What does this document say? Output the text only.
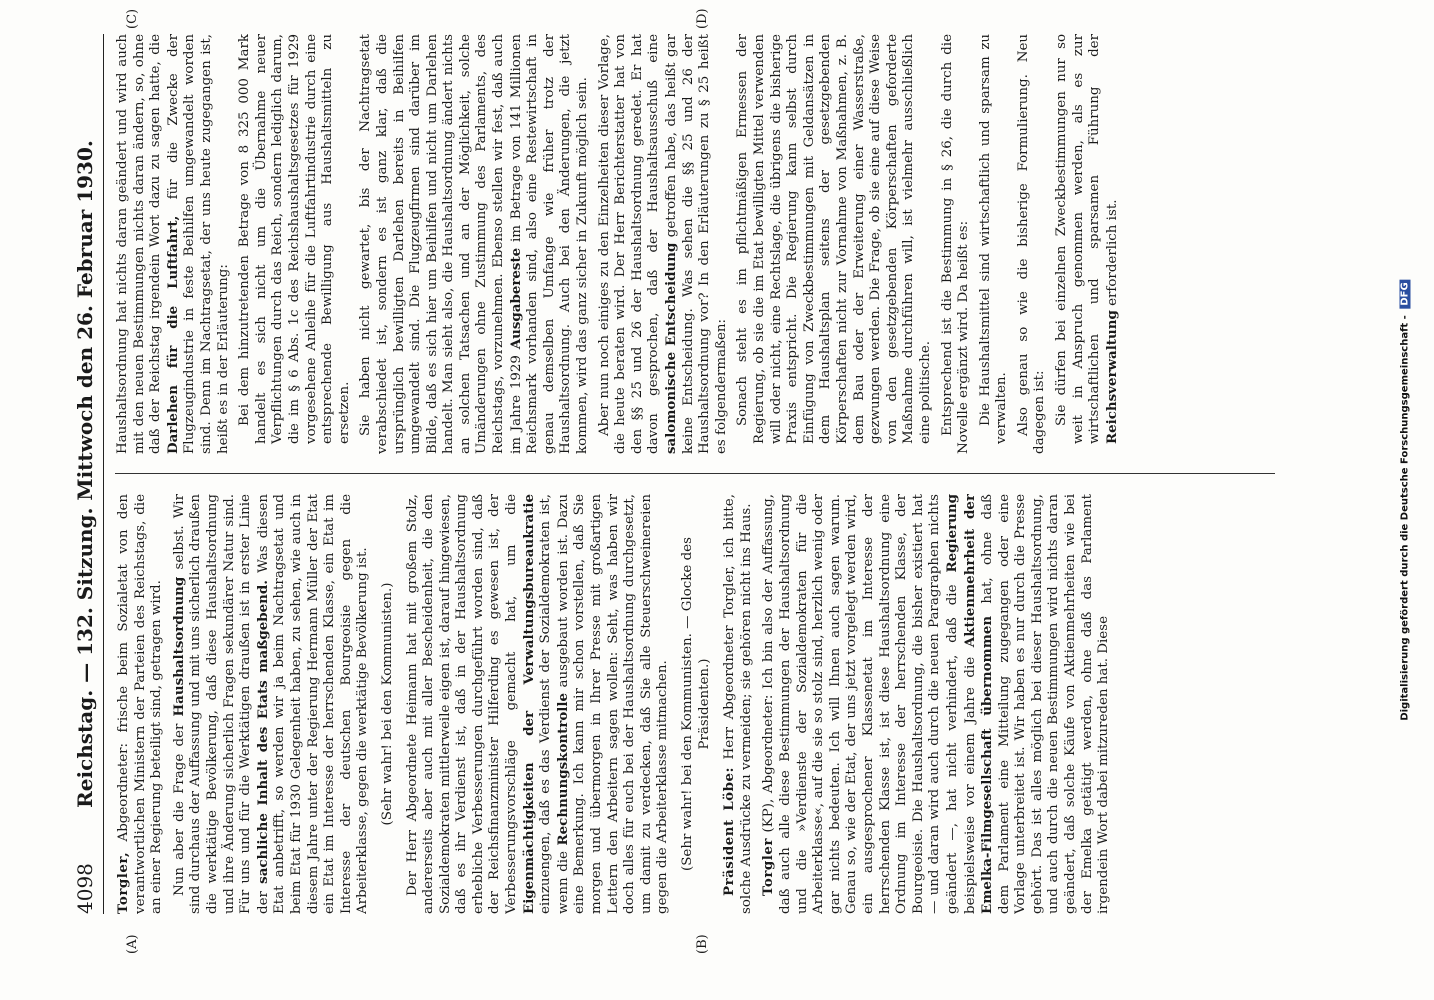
4098
Reichstag. — 132. Sitzung. Mittwoch den 26. Februar 1930.
(A)	(B)
(C)	(D)

Torgler, Abgeordneter: frische beim Sozialetat von den verantwortlichen Ministern der Parteien des Reichstags, die an einer Regierung beteiligt sind, getragen wird. Nun aber die Frage der Haushaltsordnung selbst. Wir sind durchaus der Auffassung und mit uns sicherlich draußen die werktätige Bevölkerung, daß diese Haushaltsordnung und ihre Änderung sicherlich Fragen sekundärer Natur sind. Für uns und für die Werktätigen draußen ist in erster Linie der sachliche Inhalt des Etats maßgebend. Was diesen Etat anbetrifft, so werden wir ja beim Nachtragsetat und beim Etat für 1930 Gelegenheit haben, zu sehen, wie auch in diesem Jahre unter der Regierung Hermann Müller der Etat ein Etat im Interesse der herrschenden Klasse, ein Etat im Interesse der deutschen Bourgeoisie gegen die Arbeiterklasse, gegen die werktätige Bevölkerung ist. (Sehr wahr! bei den Kommunisten.) Der Herr Abgeordnete Heimann hat mit großem Stolz, andererseits aber auch mit aller Bescheidenheit, die den Sozialdemokraten mittlerweile eigen ist, darauf hingewiesen, daß es ihr Verdienst ist, daß in der Haushaltsordnung erhebliche Verbesserungen durchgeführt worden sind, daß der Reichsfinanzminister Hilferding es gewesen ist, der Verbesserungsvorschläge gemacht hat, um die Eigenmächtigkeiten der Verwaltungsbureaukratie einzuengen, daß es das Verdienst der Sozialdemokraten ist, wenn die Rechnungskontrolle ausgebaut worden ist. Dazu eine Bemerkung. Ich kann mir schon vorstellen, daß Sie morgen und übermorgen in Ihrer Presse mit großartigen Lettern den Arbeitern sagen wollen: Seht, was haben wir doch alles für euch bei der Haushaltsordnung durchgesetzt, um damit zu verdecken, daß Sie alle Steuerschweinereien gegen die Arbeiterklasse mitmachen. (Sehr wahr! bei den Kommunisten. — Glocke des Präsidenten.)

Präsident Löbe: Herr Abgeordneter Torgler, ich bitte, solche Ausdrücke zu vermeiden; sie gehören nicht ins Haus. Torgler (KP), Abgeordneter: Ich bin also der Auffassung, daß auch alle diese Bestimmungen der Haushaltsordnung und die »Verdienste der Sozialdemokraten für die Arbeiterklasse«, auf die sie so stolz sind, herzlich wenig oder gar nichts bedeuten. Ich will Ihnen auch sagen warum. Genau so, wie der Etat, der uns jetzt vorgelegt werden wird, ein ausgesprochener Klassenetat im Interesse der herrschenden Klasse ist, ist diese Haushaltsordnung eine Ordnung im Interesse der herrschenden Klasse, der Bourgeoisie. Die Haushaltsordnung, die bisher existiert hat — und daran wird auch durch die neuen Paragraphen nichts geändert —, hat nicht verhindert, daß die Regierung beispielsweise vor einem Jahre die Aktienmehrheit der Emelka-Filmgesellschaft übernommen hat, ohne daß dem Parlament eine Mitteilung zugegangen oder eine Vorlage unterbreitet ist. Wir haben es nur durch die Presse gehört. Das ist alles möglich bei dieser Haushaltsordnung, und auch durch die neuen Bestimmungen wird nichts daran geändert, daß solche Käufe von Aktienmehrheiten wie bei der Emelka getätigt werden, ohne daß das Parlament irgendein Wort dabei mitzureden hat. Diese

Haushaltsordnung hat nichts daran geändert und wird auch mit den neuen Bestimmungen nichts daran ändern, so, ohne daß der Reichstag irgendein Wort dazu zu sagen hatte, die Darlehen für die Luftfahrt, für die Zwecke der Flugzeugindustrie in feste Beihilfen umgewandelt worden sind. Denn im Nachtragsetat, der uns heute zugegangen ist, heißt es in der Erläuterung: Bei dem hinzutretenden Betrage von 8 325 000 Mark handelt es sich nicht um die Übernahme neuer Verpflichtungen durch das Reich, sondern lediglich darum, die im § 6 Abs. 1c des Reichshaushaltsgesetzes für 1929 vorgesehene Anleihe für die Luftfahrtindustrie durch eine entsprechende Bewilligung aus Haushaltsmitteln zu ersetzen. Sie haben nicht gewartet, bis der Nachtragsetat verabschiedet ist, sondern es ist ganz klar, daß die ursprünglich bewilligten Darlehen bereits in Beihilfen umgewandelt sind. Die Flugzeugfirmen sind darüber im Bilde, daß es sich hier um Beihilfen und nicht um Darlehen handelt. Man sieht also, die Haushaltsordnung ändert nichts an solchen Tatsachen und an der Möglichkeit, solche Umänderungen ohne Zustimmung des Parlaments, des Reichstags, vorzunehmen. Ebenso stellen wir fest, daß auch im Jahre 1929 Ausgabereste im Betrage von 141 Millionen Reichsmark vorhanden sind, also eine Restewirtschaft in genau demselben Umfange wie früher trotz der Haushaltsordnung. Auch bei den Änderungen, die jetzt kommen, wird das ganz sicher in Zukunft möglich sein. Aber nun noch einiges zu den Einzelheiten dieser Vorlage, die heute beraten wird. Der Herr Berichterstatter hat von den §§ 25 und 26 der Haushaltsordnung geredet. Er hat davon gesprochen, daß der Haushaltsausschuß eine salomonische Entscheidung getroffen habe, das heißt gar keine Entscheidung. Was sehen die §§ 25 und 26 der Haushaltsordnung vor? In den Erläuterungen zu § 25 heißt es folgendermaßen: Sonach steht es im pflichtmäßigen Ermessen der Regierung, ob sie die im Etat bewilligten Mittel verwenden will oder nicht, eine Rechtslage, die übrigens die bisherige Praxis entspricht. Die Regierung kann selbst durch Einfügung von Zweckbestimmungen mit Geldansätzen in dem Haushaltsplan seitens der gesetzgebenden Körperschaften nicht zur Vornahme von Maßnahmen, z. B. dem Bau oder der Erweiterung einer Wasserstraße, gezwungen werden. Die Frage, ob sie eine auf diese Weise von den gesetzgebenden Körperschaften geforderte Maßnahme durchführen will, ist vielmehr ausschließlich eine politische. Entsprechend ist die Bestimmung in § 26, die durch die Novelle ergänzt wird. Da heißt es: Die Haushaltsmittel sind wirtschaftlich und sparsam zu verwalten. Also genau so wie die bisherige Formulierung. Neu dagegen ist: Sie dürfen bei einzelnen Zweckbestimmungen nur so weit in Anspruch genommen werden, als es zur wirtschaftlichen und sparsamen Führung der Reichsverwaltung erforderlich ist.

Digitalisierung gefördert durch die Deutsche Forschungsgemeinschaft - DFG
